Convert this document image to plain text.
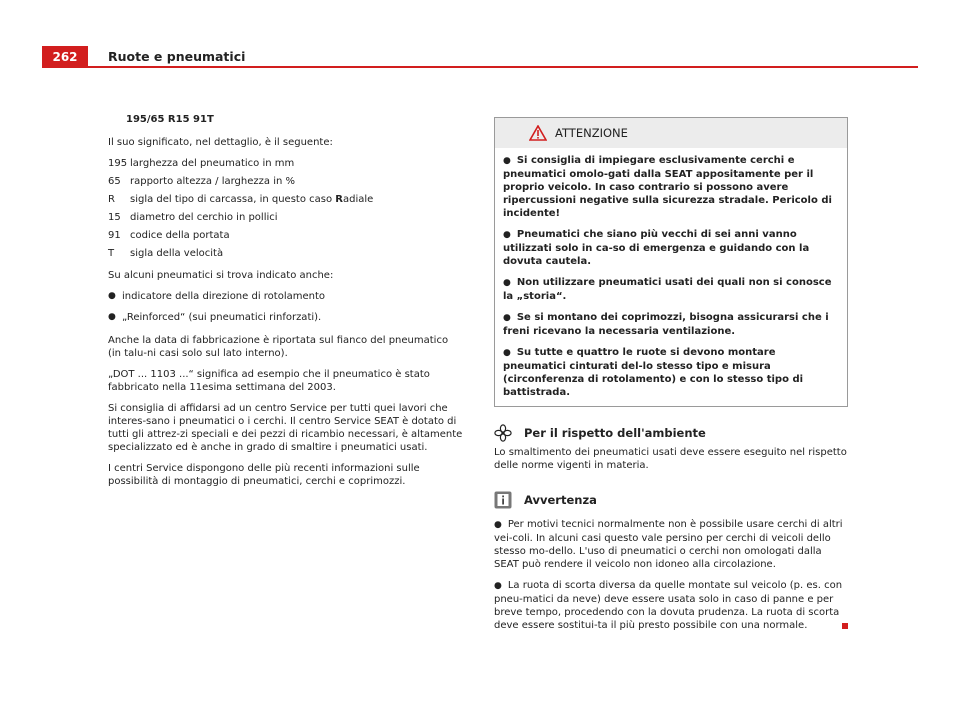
262	Ruote e pneumatici

195/65 R15 91T

Il suo significato, nel dettaglio, è il seguente:

195 larghezza del pneumatico in mm
65 rapporto altezza / larghezza in %
R	sigla del tipo di carcassa, in questo caso Radiale
15 diametro del cerchio in pollici
91 codice della portata
T	sigla della velocità

Su alcuni pneumatici si trova indicato anche:

● indicatore della direzione di rotolamento
● „Reinforced“ (sui pneumatici rinforzati).

Anche la data di fabbricazione è riportata sul fianco del pneumatico (in talu-ni casi solo sul lato interno).

„DOT ... 1103 ...“ significa ad esempio che il pneumatico è stato fabbricato nella 11esima settimana del 2003.

Si consiglia di affidarsi ad un centro Service per tutti quei lavori che interes-sano i pneumatici o i cerchi. Il centro Service SEAT è dotato di tutti gli attrez-zi speciali e dei pezzi di ricambio necessari, è altamente specializzato ed è anche in grado di smaltire i pneumatici usati.

I centri Service dispongono delle più recenti informazioni sulle possibilità di montaggio di pneumatici, cerchi e coprimozzi.

ATTENZIONE
● Si consiglia di impiegare esclusivamente cerchi e pneumatici omolo-gati dalla SEAT appositamente per il proprio veicolo. In caso contrario si possono avere ripercussioni negative sulla sicurezza stradale. Pericolo di incidente!
● Pneumatici che siano più vecchi di sei anni vanno utilizzati solo in ca-so di emergenza e guidando con la dovuta cautela.
● Non utilizzare pneumatici usati dei quali non si conosce la „storia“.
● Se si montano dei coprimozzi, bisogna assicurarsi che i freni ricevano la necessaria ventilazione.
● Su tutte e quattro le ruote si devono montare pneumatici cinturati del-lo stesso tipo e misura (circonferenza di rotolamento) e con lo stesso tipo di battistrada.
Per il rispetto dell'ambiente

Lo smaltimento dei pneumatici usati deve essere eseguito nel rispetto delle norme vigenti in materia.

Avvertenza
● Per motivi tecnici normalmente non è possibile usare cerchi di altri vei-coli. In alcuni casi questo vale persino per cerchi di veicoli dello stesso mo-dello. L'uso di pneumatici o cerchi non omologati dalla SEAT può rendere il veicolo non idoneo alla circolazione.
● La ruota di scorta diversa da quelle montate sul veicolo (p. es. con pneu-matici da neve) deve essere usata solo in caso di panne e per breve tempo, procedendo con la dovuta prudenza. La ruota di scorta deve essere sostitui-ta il più presto possibile con una normale.
